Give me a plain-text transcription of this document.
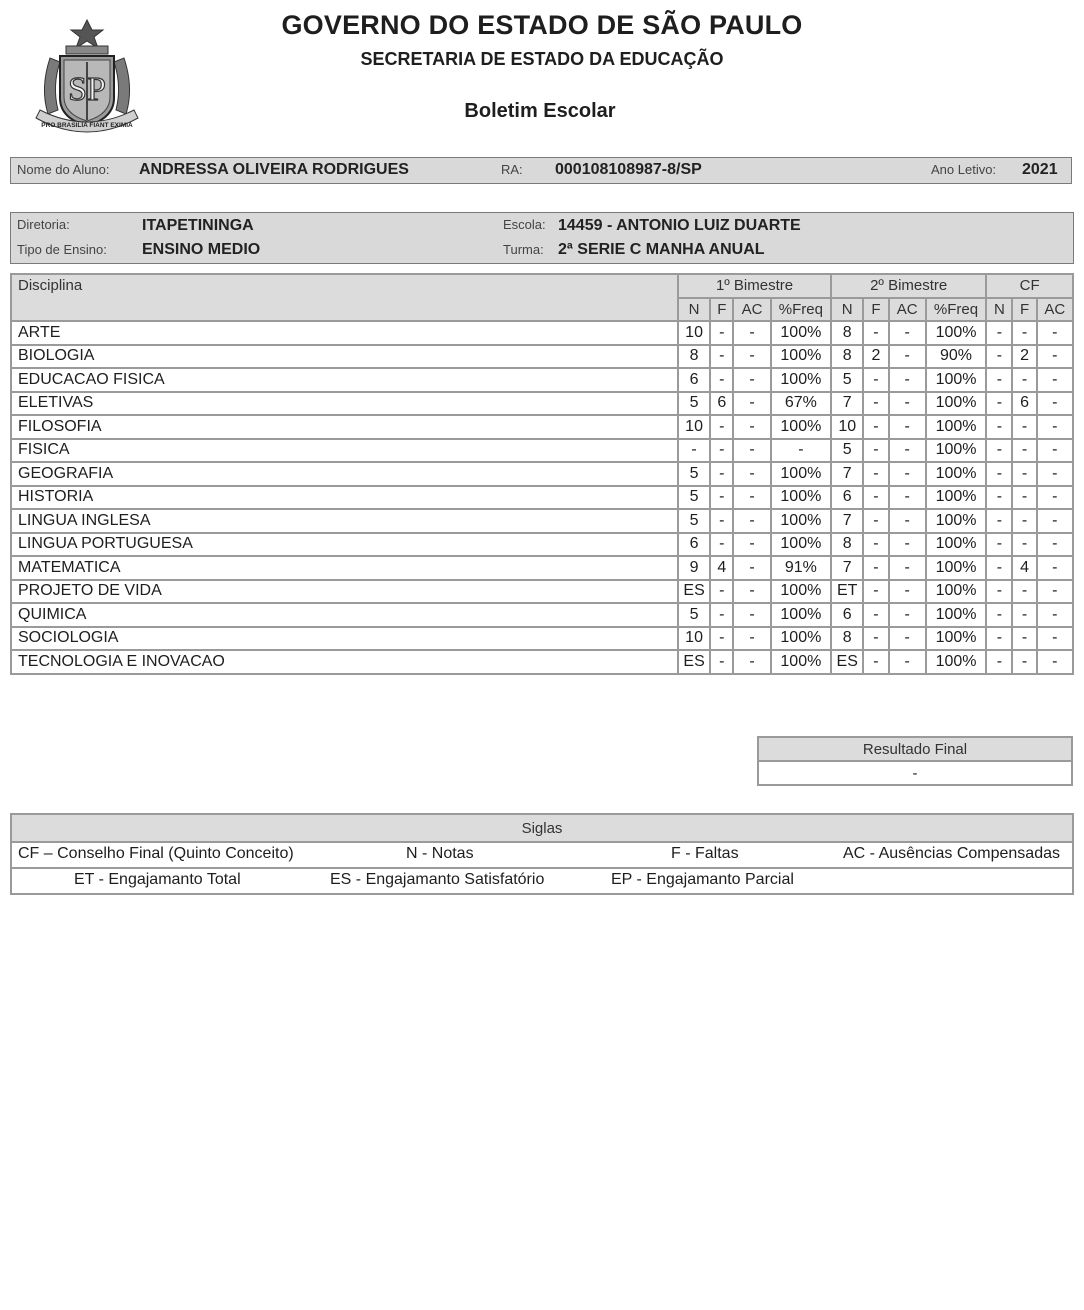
SP
PRO BRASILIA FIANT EXIMIA
GOVERNO DO ESTADO DE SÃO PAULO
SECRETARIA DE ESTADO DA EDUCAÇÃO
Boletim Escolar
Nome do Aluno: ANDRESSA OLIVEIRA RODRIGUES	RA: 000108108987-8/SP	Ano Letivo: 2021
Diretoria:	ITAPETININGA
Tipo de Ensino: ENSINO MEDIO
Escola: 14459 - ANTONIO LUIZ DUARTE
Turma: 2ª SERIE C MANHA ANUAL
Disciplina	1º Bimestre				2º Bimestre				CF		
	N	F	AC	%Freq	N	F	AC	%Freq	N	F	AC
ARTE	10	-	-	100%	8	-	-	100%	-	-	-
BIOLOGIA	8	-	-	100%	8	2	-	90%	-	2	-
EDUCACAO FISICA	6	-	-	100%	5	-	-	100%	-	-	-
ELETIVAS	5	6	-	67%	7	-	-	100%	-	6	-
FILOSOFIA	10	-	-	100%	10	-	-	100%	-	-	-
FISICA	-	-	-	-	5	-	-	100%	-	-	-
GEOGRAFIA	5	-	-	100%	7	-	-	100%	-	-	-
HISTORIA	5	-	-	100%	6	-	-	100%	-	-	-
LINGUA INGLESA	5	-	-	100%	7	-	-	100%	-	-	-
LINGUA PORTUGUESA	6	-	-	100%	8	-	-	100%	-	-	-
MATEMATICA	9	4	-	91%	7	-	-	100%	-	4	-
PROJETO DE VIDA	ES	-	-	100%	ET	-	-	100%	-	-	-
QUIMICA	5	-	-	100%	6	-	-	100%	-	-	-
SOCIOLOGIA	10	-	-	100%	8	-	-	100%	-	-	-
TECNOLOGIA E INOVACAO	ES	-	-	100%	ES	-	-	100%	-	-	-
Resultado Final
-
Siglas

CF – Conselho Final (Quinto Conceito)	N - Notas	F - Faltas	AC - Ausências Compensadas

ET - Engajamanto Total	ES - Engajamanto Satisfatório	EP - Engajamanto Parcial
